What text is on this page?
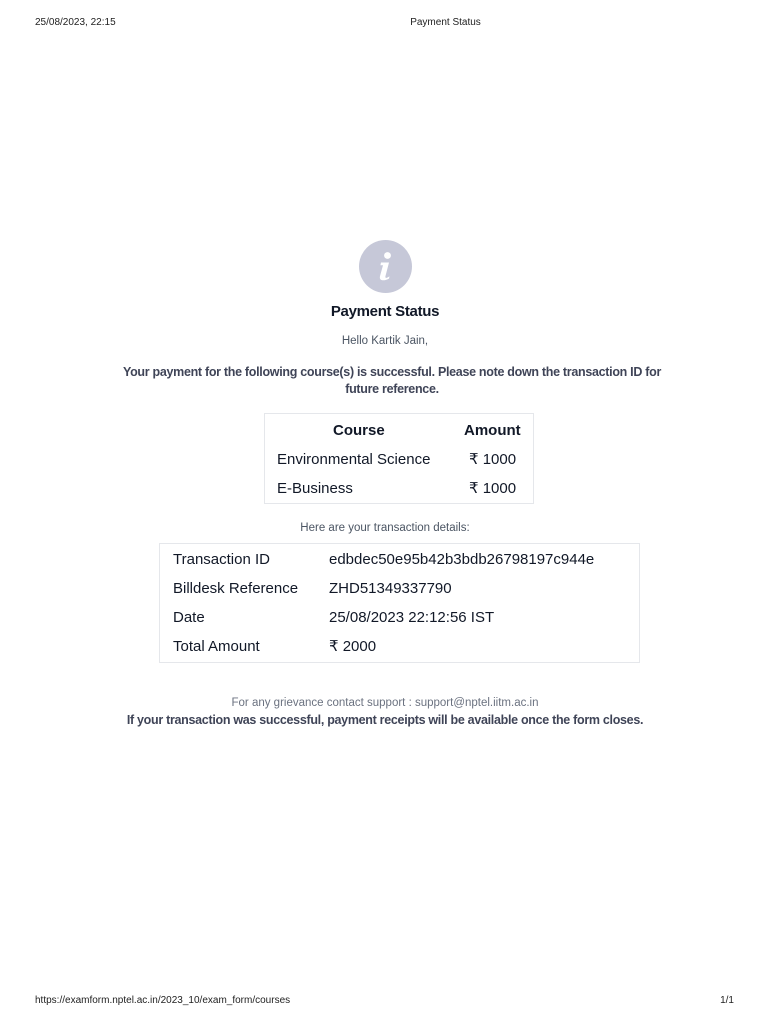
25/08/2023, 22:15	Payment Status
Payment Status
Hello Kartik Jain,
Your payment for the following course(s) is successful. Please note down the transaction ID for future reference.
Course	Amount
Environmental Science	₹ 1000
E-Business	₹ 1000
Here are your transaction details:
Transaction ID	edbdec50e95b42b3bdb26798197c944e
Billdesk Reference ZHD51349337790
Date	25/08/2023 22:12:56 IST
Total Amount	₹ 2000
For any grievance contact support : support@nptel.iitm.ac.in
If your transaction was successful, payment receipts will be available once the form closes.
https://examform.nptel.ac.in/2023_10/exam_form/courses	1/1
